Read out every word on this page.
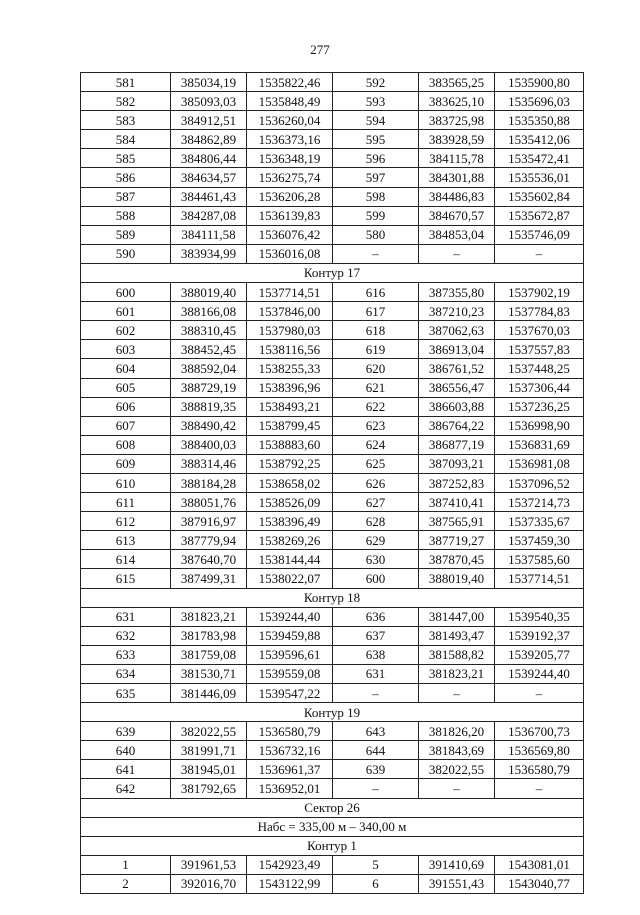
277
581	385034,19	1535822,46	592	383565,25	1535900,80
582	385093,03	1535848,49	593	383625,10	1535696,03
583	384912,51	1536260,04	594	383725,98	1535350,88
584	384862,89	1536373,16	595	383928,59	1535412,06
585	384806,44	1536348,19	596	384115,78	1535472,41
586	384634,57	1536275,74	597	384301,88	1535536,01
587	384461,43	1536206,28	598	384486,83	1535602,84
588	384287,08	1536139,83	599	384670,57	1535672,87
589	384111,58	1536076,42	580	384853,04	1535746,09
590	383934,99	1536016,08	–	–	–
Контур 17					
600	388019,40	1537714,51	616	387355,80	1537902,19
601	388166,08	1537846,00	617	387210,23	1537784,83
602	388310,45	1537980,03	618	387062,63	1537670,03
603	388452,45	1538116,56	619	386913,04	1537557,83
604	388592,04	1538255,33	620	386761,52	1537448,25
605	388729,19	1538396,96	621	386556,47	1537306,44
606	388819,35	1538493,21	622	386603,88	1537236,25
607	388490,42	1538799,45	623	386764,22	1536998,90
608	388400,03	1538883,60	624	386877,19	1536831,69
609	388314,46	1538792,25	625	387093,21	1536981,08
610	388184,28	1538658,02	626	387252,83	1537096,52
611	388051,76	1538526,09	627	387410,41	1537214,73
612	387916,97	1538396,49	628	387565,91	1537335,67
613	387779,94	1538269,26	629	387719,27	1537459,30
614	387640,70	1538144,44	630	387870,45	1537585,60
615	387499,31	1538022,07	600	388019,40	1537714,51
Контур 18					
631	381823,21	1539244,40	636	381447,00	1539540,35
632	381783,98	1539459,88	637	381493,47	1539192,37
633	381759,08	1539596,61	638	381588,82	1539205,77
634	381530,71	1539559,08	631	381823,21	1539244,40
635	381446,09	1539547,22	–	–	–
Контур 19					
639	382022,55	1536580,79	643	381826,20	1536700,73
640	381991,71	1536732,16	644	381843,69	1536569,80
641	381945,01	1536961,37	639	382022,55	1536580,79
642	381792,65	1536952,01	–	–	–
Сектор 26					
Набс = 335,00 м – 340,00 м					
Контур 1					
1	391961,53	1542923,49	5	391410,69	1543081,01
2	392016,70	1543122,99	6	391551,43	1543040,77
